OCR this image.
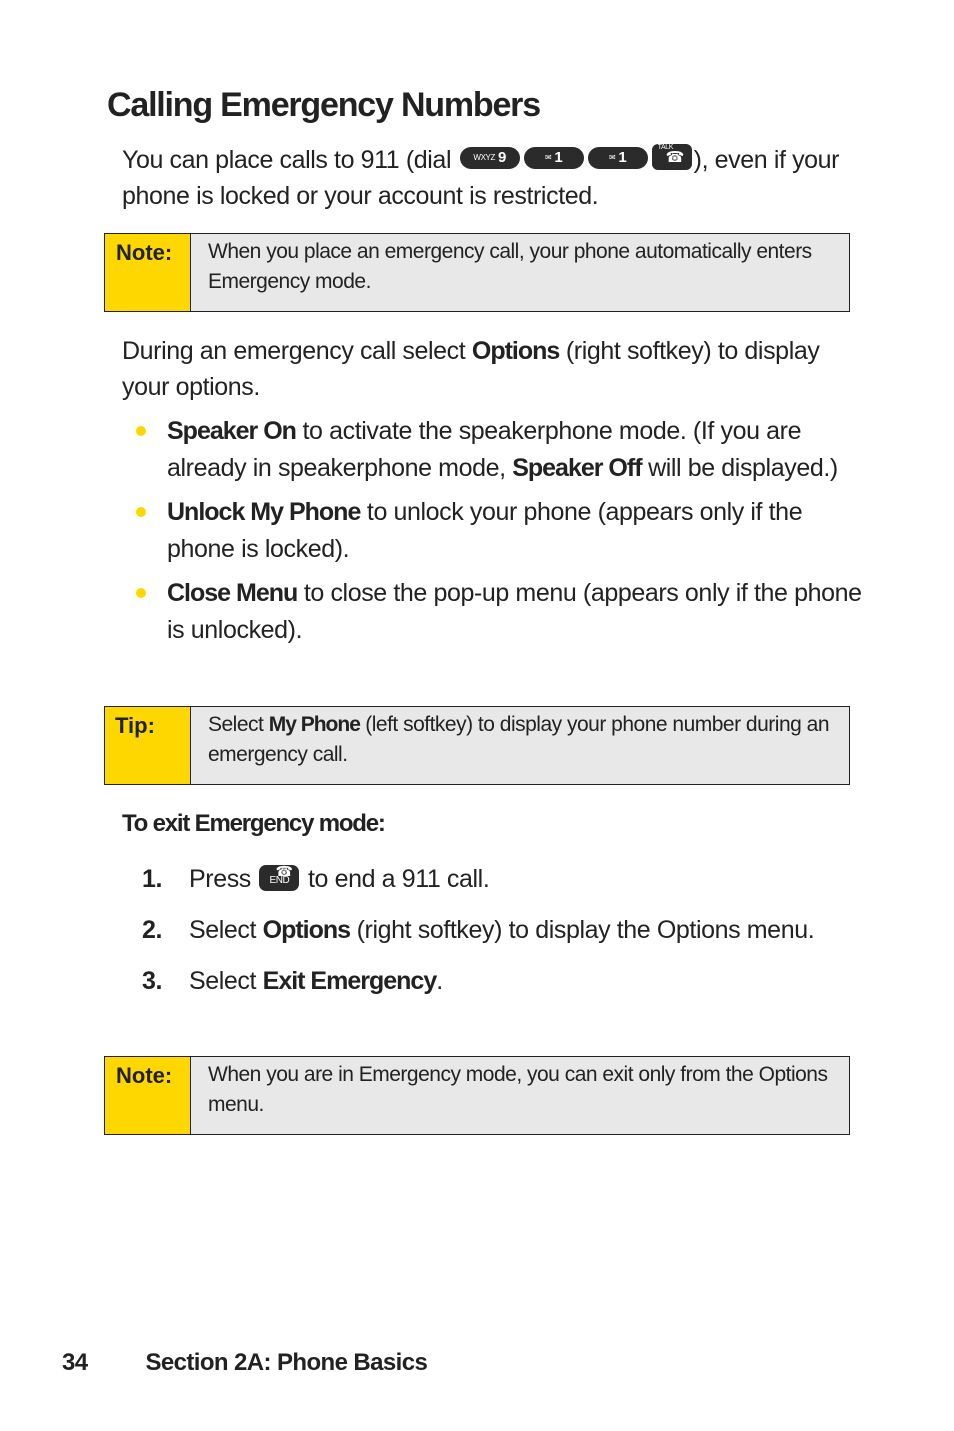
Calling Emergency Numbers

You can place calls to 911 (dial	WXYZ 9	✉ 1	✉ 1
TALK
☎ ), even if your phone is locked or your account is restricted.

Note:	When you place an emergency call, your phone automatically enters Emergency mode.

During an emergency call select Options (right softkey) to display your options.

Speaker On to activate the speakerphone mode. (If you are already in speakerphone mode, Speaker Off will be displayed.)
Unlock My Phone to unlock your phone (appears only if the phone is locked).
Close Menu to close the pop-up menu (appears only if the phone is unlocked).
Tip:	Select My Phone (left softkey) to display your phone number during an emergency call.
To exit Emergency mode:
1. Press ☎
END to end a 911 call.
2. Select Options (right softkey) to display the Options menu.
3. Select Exit Emergency.
Note:	When you are in Emergency mode, you can exit only from the Options menu.
34 Section 2A: Phone Basics
